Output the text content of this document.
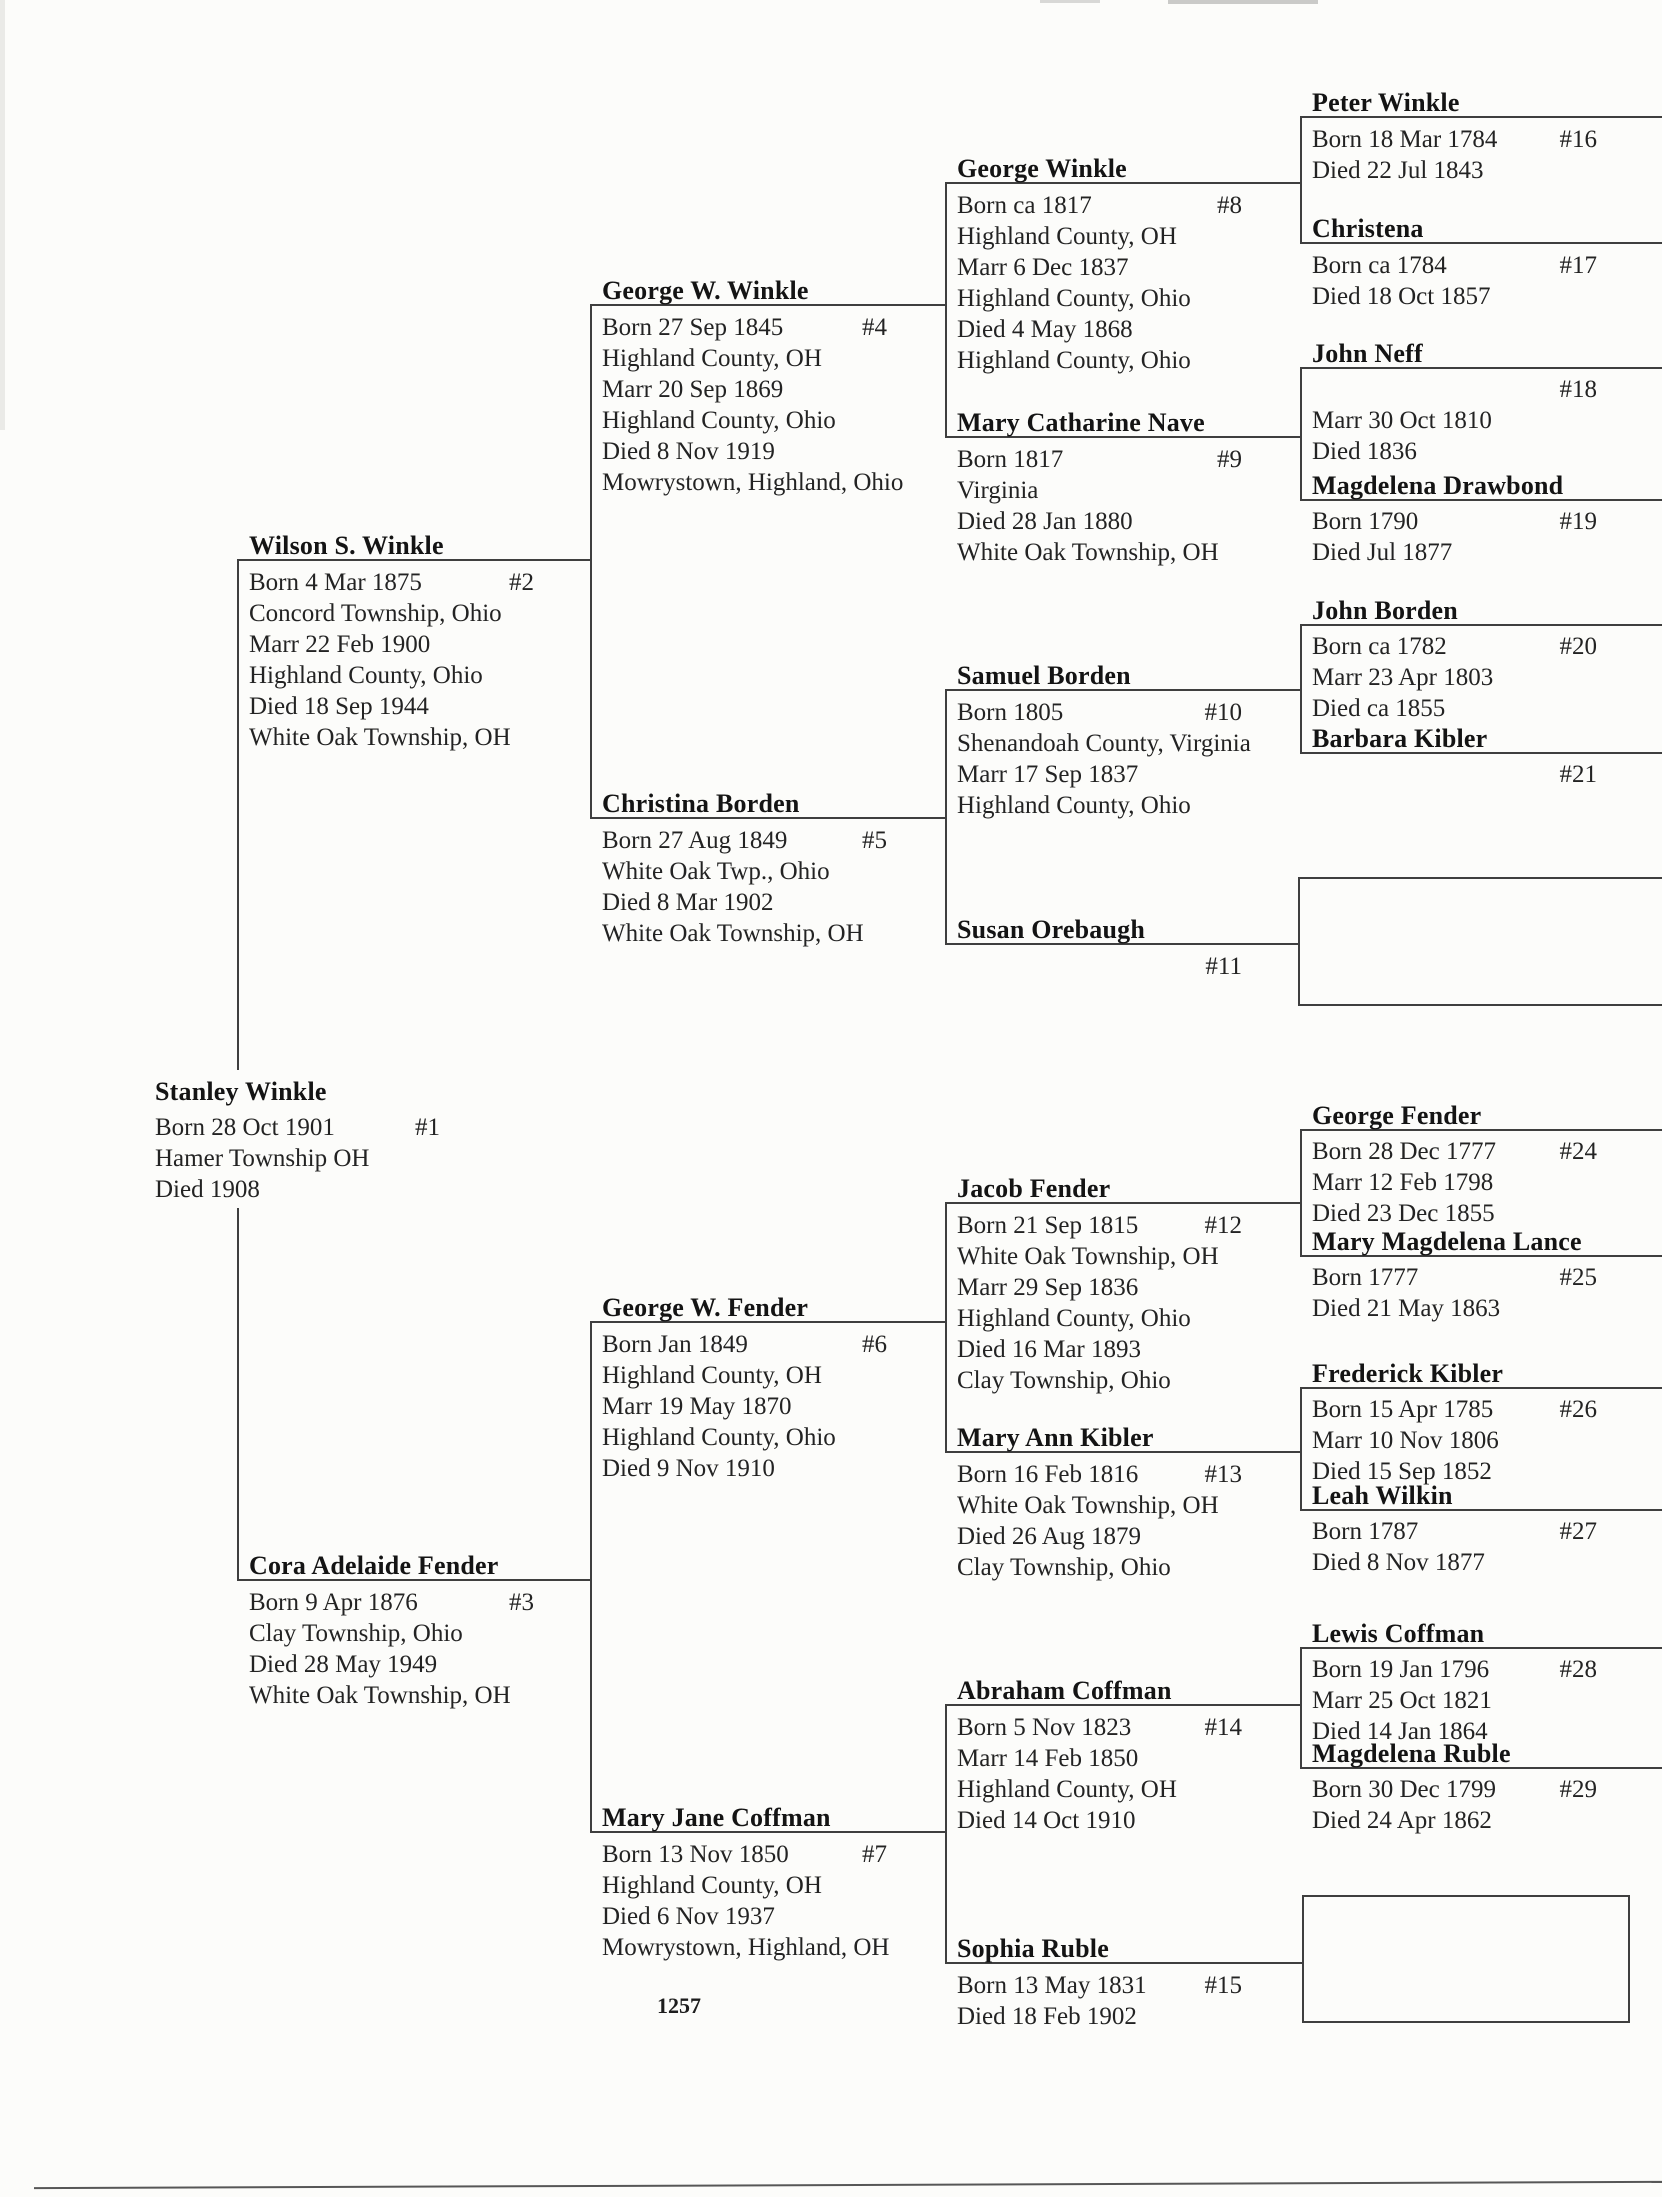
Stanley Winkle
Wilson S. Winkle
Cora Adelaide Fender
George W. Winkle
Christina Borden
George W. Fender
Mary Jane Coffman
George Winkle
Mary Catharine Nave
Samuel Borden
Susan Orebaugh
Jacob Fender
Mary Ann Kibler
Abraham Coffman
Sophia Ruble
Peter Winkle
Christena
John Neff
Magdelena Drawbond
John Borden
Barbara Kibler
George Fender
Mary Magdelena Lance
Frederick Kibler
Leah Wilkin
Lewis Coffman
Magdelena Ruble
Born 28 Oct 1901	#1
Hamer Township OH
Died 1908
Born 4 Mar 1875	#2
Concord Township, Ohio
Marr 22 Feb 1900
Highland County, Ohio
Died 18 Sep 1944
White Oak Township, OH
Born 9 Apr 1876	#3
Clay Township, Ohio
Died 28 May 1949
White Oak Township, OH
Born 27 Sep 1845	#4
Highland County, OH
Marr 20 Sep 1869
Highland County, Ohio
Died 8 Nov 1919
Mowrystown, Highland, Ohio
Born 27 Aug 1849	#5
White Oak Twp., Ohio
Died 8 Mar 1902
White Oak Township, OH
Born Jan 1849	#6
Highland County, OH
Marr 19 May 1870
Highland County, Ohio
Died 9 Nov 1910
Born 13 Nov 1850	#7
Highland County, OH
Died 6 Nov 1937
Mowrystown, Highland, OH
Born ca 1817	#8
Highland County, OH
Marr 6 Dec 1837
Highland County, Ohio
Died 4 May 1868
Highland County, Ohio
Born 1817	#9
Virginia
Died 28 Jan 1880
White Oak Township, OH
Born 1805	#10
Shenandoah County, Virginia
Marr 17 Sep 1837
Highland County, Ohio
#11
Born 21 Sep 1815	#12
White Oak Township, OH
Marr 29 Sep 1836
Highland County, Ohio
Died 16 Mar 1893
Clay Township, Ohio
Born 16 Feb 1816	#13
White Oak Township, OH
Died 26 Aug 1879
Clay Township, Ohio
Born 5 Nov 1823	#14
Marr 14 Feb 1850
Highland County, OH
Died 14 Oct 1910
Born 13 May 1831	#15
Died 18 Feb 1902
Born 18 Mar 1784	#16
Died 22 Jul 1843
Born ca 1784	#17
Died 18 Oct 1857
#18
Marr 30 Oct 1810
Died 1836
Born 1790	#19
Died Jul 1877
Born ca 1782	#20
Marr 23 Apr 1803
Died ca 1855
#21
Born 28 Dec 1777	#24
Marr 12 Feb 1798
Died 23 Dec 1855
Born 1777	#25
Died 21 May 1863
Born 15 Apr 1785	#26
Marr 10 Nov 1806
Died 15 Sep 1852
Born 1787	#27
Died 8 Nov 1877
Born 19 Jan 1796	#28
Marr 25 Oct 1821
Died 14 Jan 1864
Born 30 Dec 1799	#29
Died 24 Apr 1862
1257
